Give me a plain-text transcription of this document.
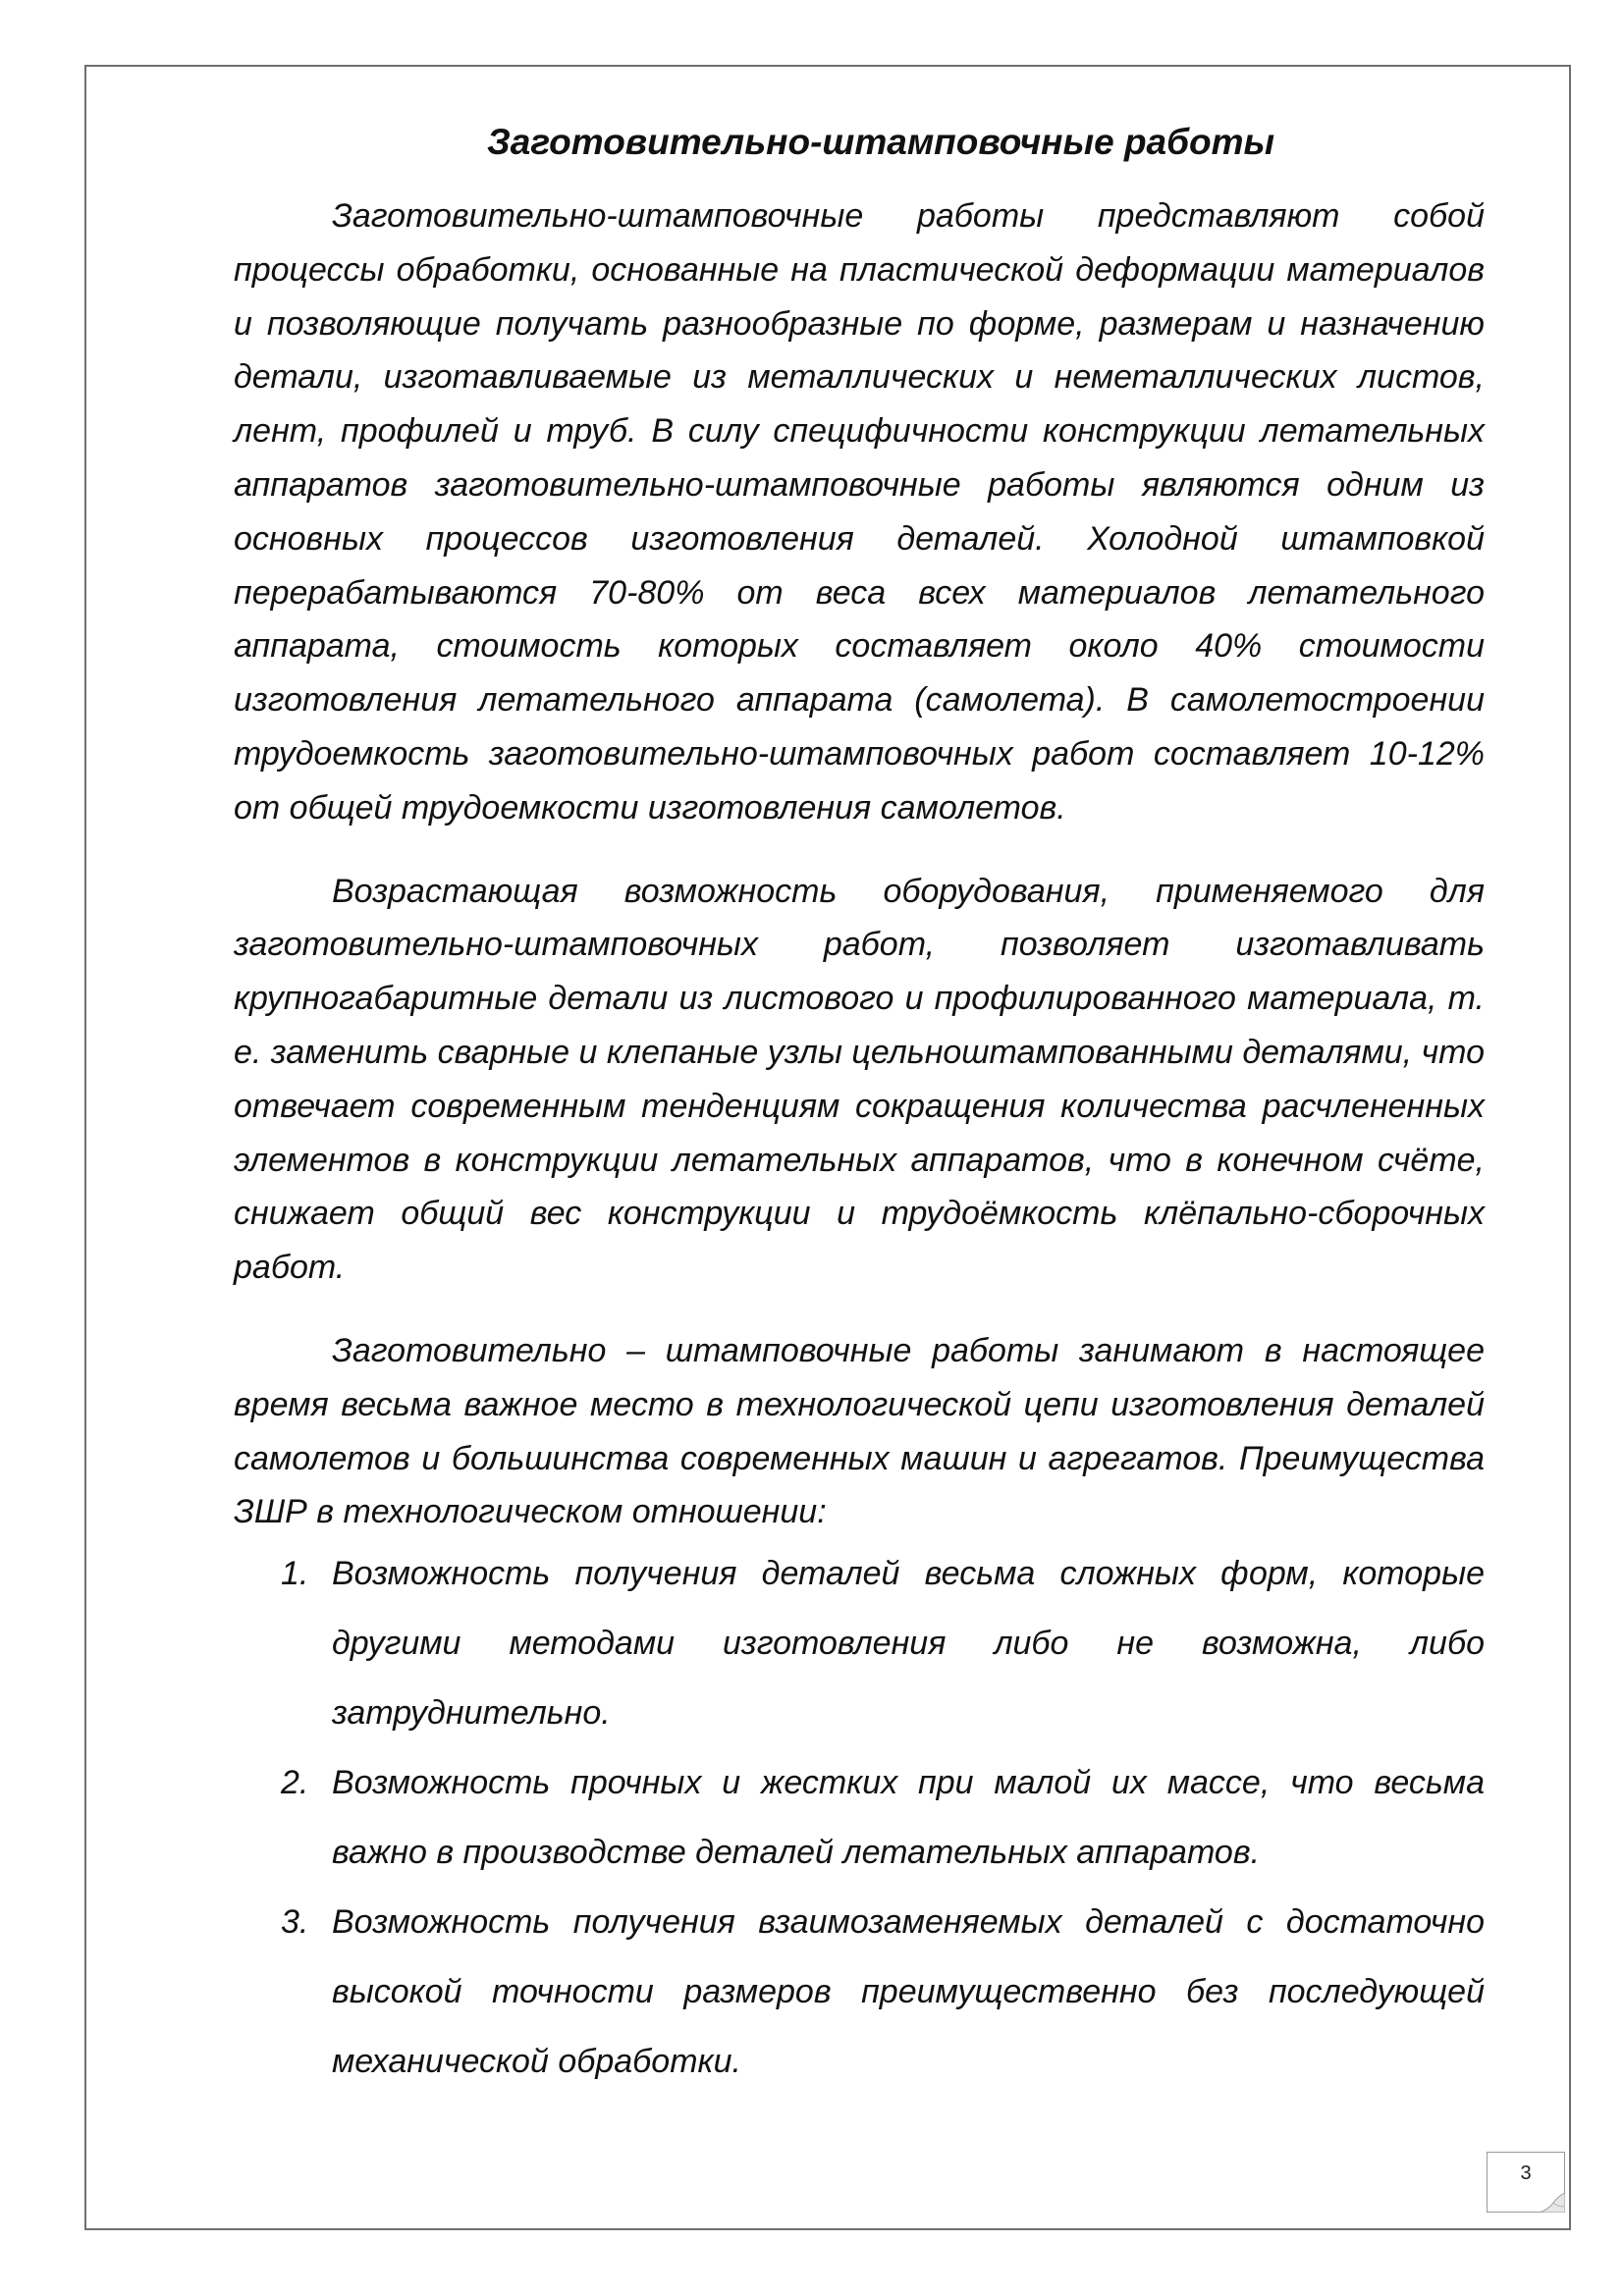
Заготовительно-штамповочные работы

Заготовительно-штамповочные работы представляют собой процессы обработки, основанные на пластической деформации материалов и позволяющие получать разнообразные по форме, размерам и назначению детали, изготавливаемые из металлических и неметаллических листов, лент, профилей и труб. В силу специфичности конструкции летательных аппаратов заготовительно-штамповочные работы являются одним из основных процессов изготовления деталей. Холодной штамповкой перерабатываются 70-80% от веса всех материалов летательного аппарата, стоимость которых составляет около 40% стоимости изготовления летательного аппарата (самолета). В самолетостроении трудоемкость заготовительно-штамповочных работ составляет 10-12% от общей трудоемкости изготовления самолетов.

Возрастающая возможность оборудования, применяемого для заготовительно-штамповочных работ, позволяет изготавливать крупногабаритные детали из листового и профилированного материала, т. е. заменить сварные и клепаные узлы цельноштампованными деталями, что отвечает современным тенденциям сокращения количества расчлененных элементов в конструкции летательных аппаратов, что в конечном счёте, снижает общий вес конструкции и трудоёмкость клёпально-сборочных работ.

Заготовительно – штамповочные работы занимают в настоящее время весьма важное место в технологической цепи изготовления деталей самолетов и большинства современных машин и агрегатов. Преимущества ЗШР в технологическом отношении:

1. Возможность получения деталей весьма сложных форм, которые другими методами изготовления либо не возможна, либо затруднительно.
2. Возможность прочных и жестких при малой их массе, что весьма важно в производстве деталей летательных аппаратов.
3. Возможность получения взаимозаменяемых деталей с достаточно высокой точности размеров преимущественно без последующей механической обработки.
3
